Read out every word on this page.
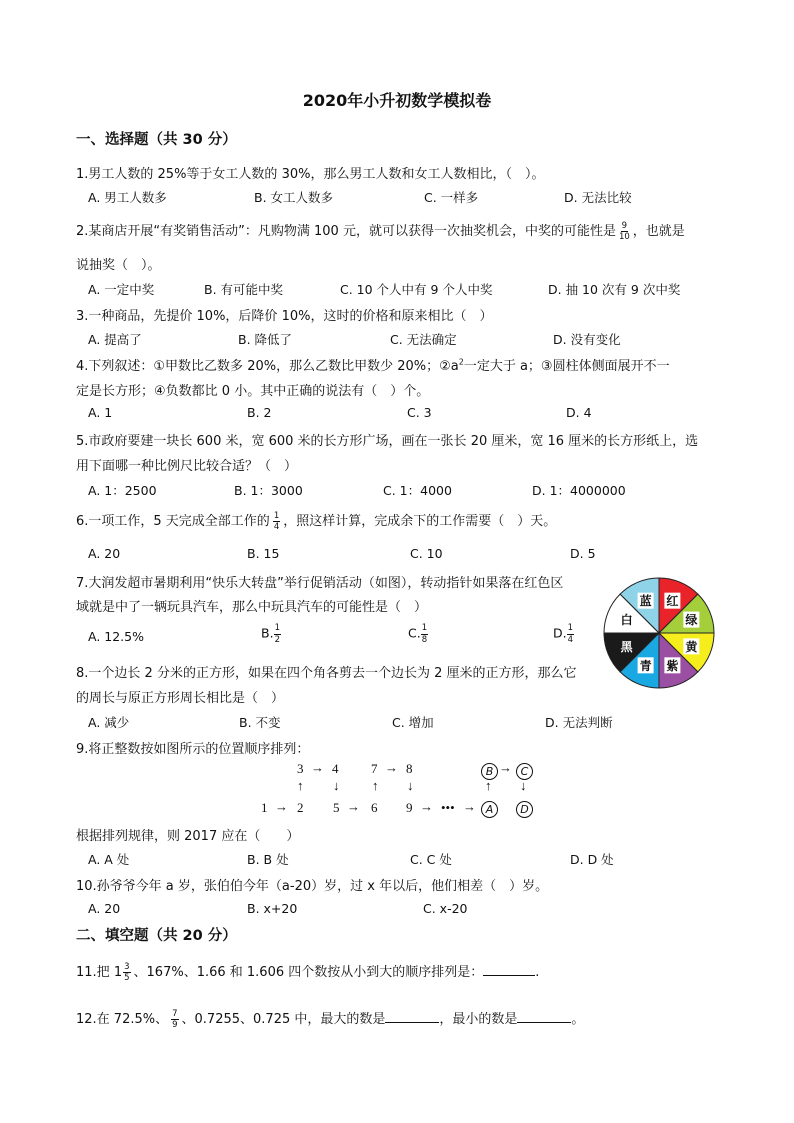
2020年小升初数学模拟卷
一、选择题（共 30 分）
1.男工人数的 25%等于女工人数的 30%，那么男工人数和女工人数相比，（　）。
A. 男工人数多	B. 女工人数多	C. 一样多	D. 无法比较
2.某商店开展“有奖销售活动”：凡购物满 100 元，就可以获得一次抽奖机会，中奖的可能性是 $\frac{9}{10}$ ，也就是
说抽奖（　）。
A. 一定中奖	B. 有可能中奖	C. 10 个人中有 9 个人中奖	D. 抽 10 次有 9 次中奖
3.一种商品，先提价 10%，后降价 10%，这时的价格和原来相比（　）
A. 提高了	B. 降低了	C. 无法确定	D. 没有变化
4.下列叙述：①甲数比乙数多 20%，那么乙数比甲数少 20%；$②a^2$一定大于 a；③圆柱体侧面展开不一
定是长方形；④负数都比 0 小。其中正确的说法有（　）个。
A. 1	B. 2	C. 3	D. 4
5.市政府要建一块长 600 米，宽 600 米的长方形广场，画在一张长 20 厘米，宽 16 厘米的长方形纸上，选
用下面哪一种比例尺比较合适？（　）
A. 1：2500	B. 1：3000	C. 1：4000	D. 1：4000000
6.一项工作，5 天完成全部工作的 $\frac{1}{4}$ ，照这样计算，完成余下的工作需要（　）天。
A. 20	B. 15	C. 10	D. 5
7.大润发超市暑期利用“快乐大转盘”举行促销活动（如图），转动指针如果落在红色区
域就是中了一辆玩具汽车，那么中玩具汽车的可能性是（　）
A. 12.5%	B. $\frac{1}{2}$	C. $\frac{1}{8}$	D. $\frac{1}{4}$
红
绿
黄
紫
青
黑
白
蓝
8.一个边长 2 分米的正方形，如果在四个角各剪去一个边长为 2 厘米的正方形，那么它
的周长与原正方形周长相比是（　）
A. 减少	B. 不变	C. 增加	D. 无法判断
9.将正整数按如图所示的位置顺序排列：
3 → 4	7 → 8	B → C
↑ ↓	↑ ↓	↑ ↓
1 → 2 5 → 6 9 → ••• → A	D
根据排列规律，则 2017 应在（　　）
A. A 处	B. B 处	C. C 处	D. D 处
10.孙爷爷今年 a 岁，张伯伯今年（a-20）岁，过 x 年以后，他们相差（　）岁。
A. 20	B. x+20	C. x-20
二、填空题（共 20 分）
11.把 $1 \frac{3}{5}$ 、167%、1.66 和 1.606 四个数按从小到大的顺序排列是：	.
12.在 72.5%、 $\frac{7}{9}$ 、0.7255、0.725 中，最大的数是	，最小的数是	。
